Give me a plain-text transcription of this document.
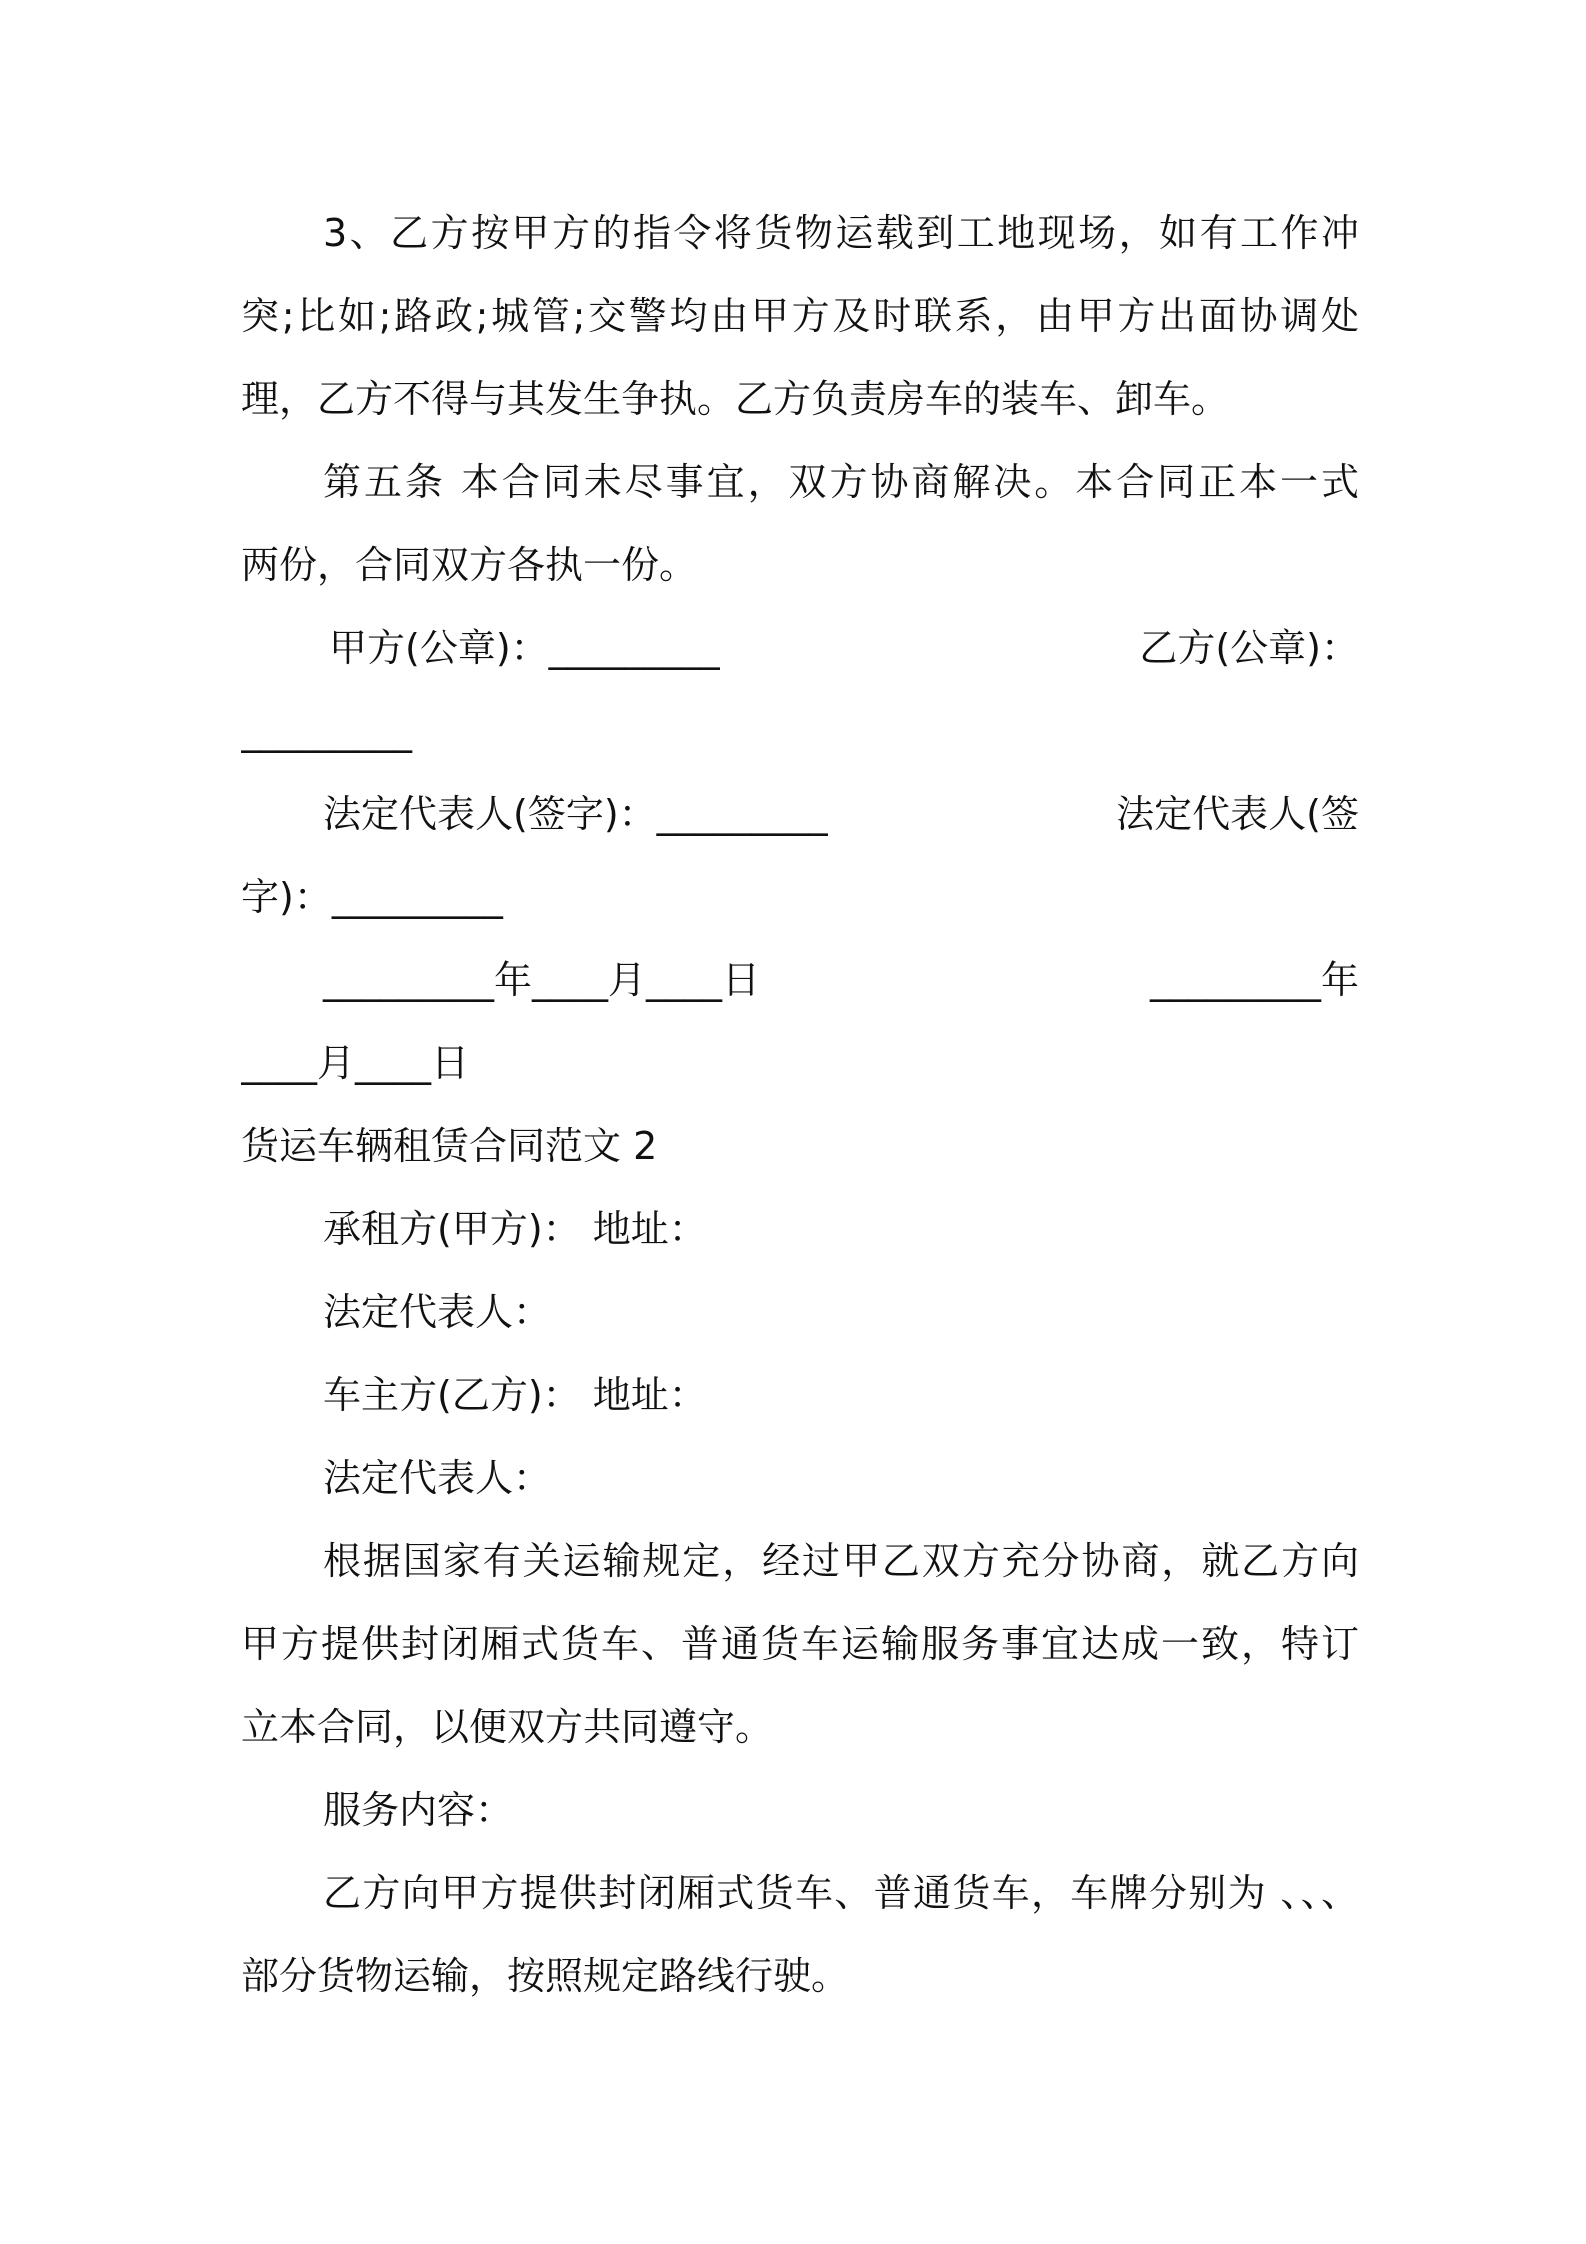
3、乙方按甲方的指令将货物运载到工地现场，如有工作冲
突;比如;路政;城管;交警均由甲方及时联系，由甲方出面协调处
理，乙方不得与其发生争执。乙方负责房车的装车、卸车。
第五条 本合同未尽事宜，双方协商解决。本合同正本一式
两份，合同双方各执一份。
甲方(公章)：_________	乙方(公章)：
_________
法定代表人(签字)：_________	法定代表人(签
字)：_________
_________年____月____日	_________年
____月____日
货运车辆租赁合同范文 2
承租方(甲方)： 地址：
法定代表人：
车主方(乙方)： 地址：
法定代表人：
根据国家有关运输规定，经过甲乙双方充分协商，就乙方向
甲方提供封闭厢式货车、普通货车运输服务事宜达成一致，特订
立本合同，以便双方共同遵守。
服务内容：
乙方向甲方提供封闭厢式货车、普通货车，车牌分别为 、、、
部分货物运输，按照规定路线行驶。
